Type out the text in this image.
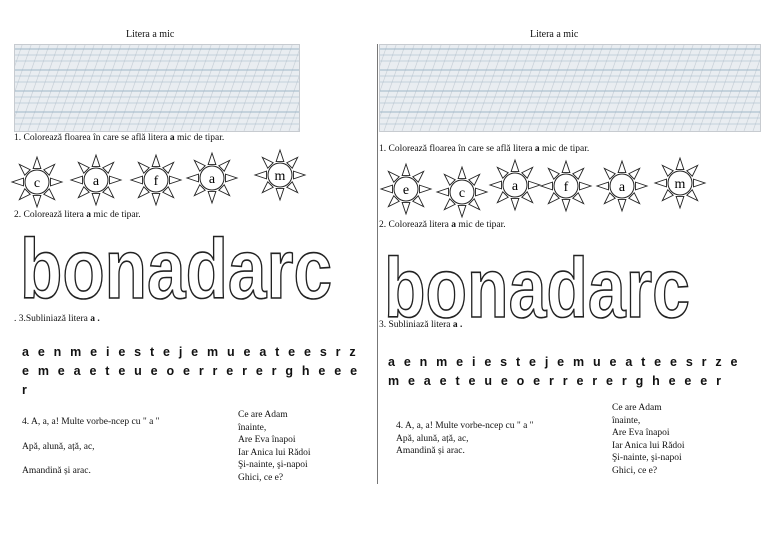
Litera a mic
1. Colorează floarea în care se află litera a mic de tipar.
c	a	f	a	m
2. Colorează litera a mic de tipar.
bonadarc
. 3.Subliniază litera a .
a e n m e i e s t e j e m u e a t e e s r z
e m e a e t e u e o e r r e r e r g h e e e
r
4. A, a, a! Multe vorbe-ncep cu " a "
Apă, alună, ață, ac,
Amandină și arac.
Ce are Adam
înainte,
Are Eva înapoi
Iar Anica lui Rădoi
Şi-nainte, şi-napoi
Ghici, ce e?
Litera a mic
1. Colorează floarea în care se află litera a mic de tipar.
e	c	a	f	a	m
2. Colorează litera a mic de tipar.
bonadarc
3. Subliniază litera a .
a e n m e i e s t e j e m u e a t e e s r z e
m e a e t e u e o e r r e r e r g h e e e r
4. A, a, a! Multe vorbe-ncep cu " a "
Apă, alună, ață, ac,
Amandină și arac.
Ce are Adam
înainte,
Are Eva înapoi
Iar Anica lui Rădoi
Şi-nainte, şi-napoi
Ghici, ce e?
